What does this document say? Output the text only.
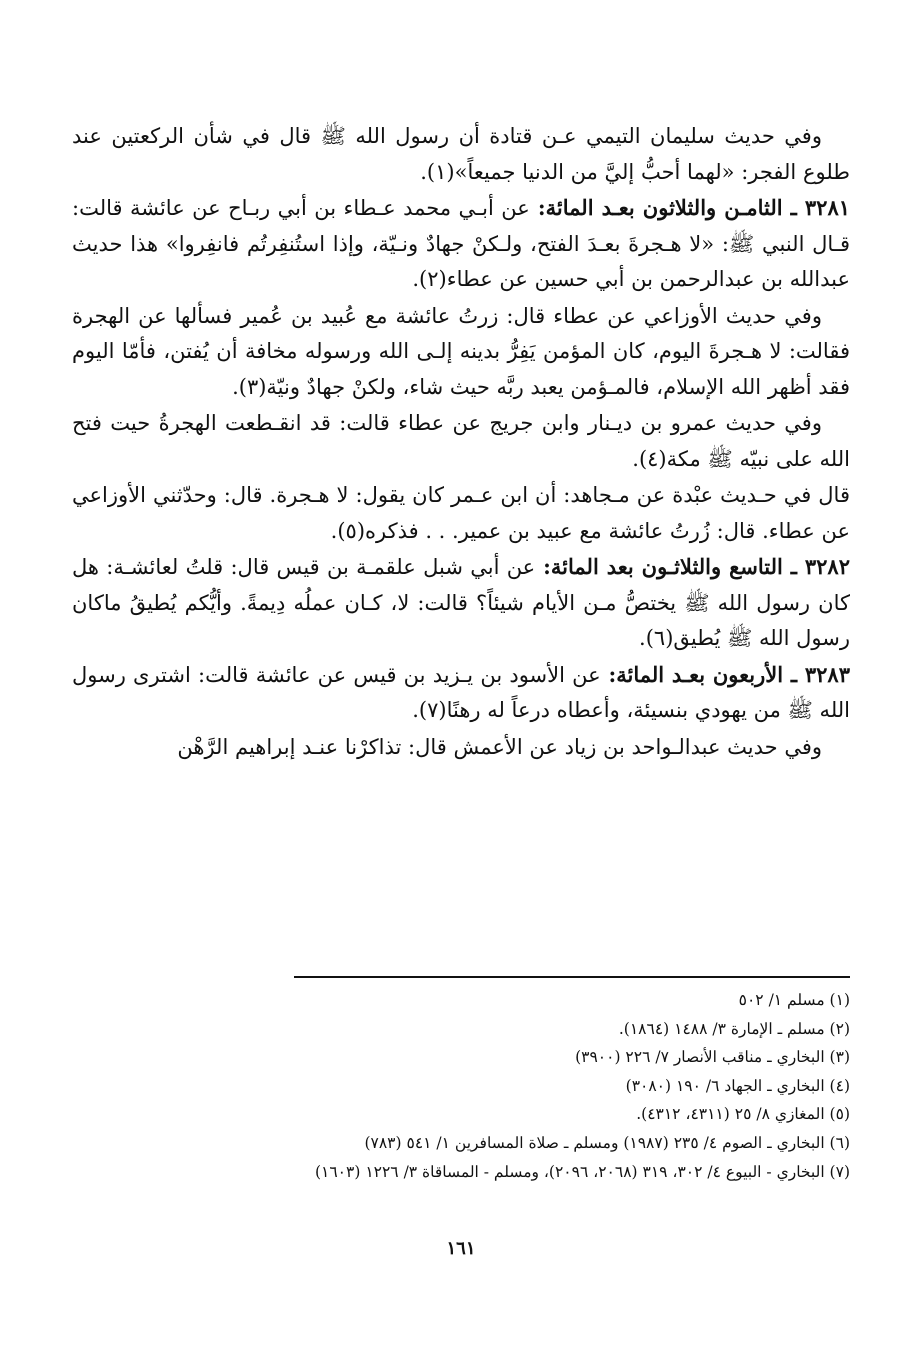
وفي حديث سليمان التيمي عـن قتادة أن رسول الله ﷺ قال في شأن الركعتين عند طلوع الفجر: «لهما أحبُّ إليَّ من الدنيا جميعاً»(١).

٣٢٨١ ـ الثامـن والثلاثون بعـد المائة: عن أبـي محمد عـطاء بن أبي ربـاح عن عائشة قالت: قـال النبي ﷺ: «لا هـجرةَ بعـدَ الفتح، ولـكنْ جهادٌ ونـيّة، وإذا استُنفِرتُم فانفِروا» هذا حديث عبدالله بن عبدالرحمن بن أبي حسين عن عطاء(٢).

وفي حديث الأوزاعي عن عطاء قال: زرتُ عائشة مع عُبيد بن عُمير فسألها عن الهجرة فقالت: لا هـجرةَ اليوم، كان المؤمن يَفِرُّ بدينه إلـى الله ورسوله مخافة أن يُفتن، فأمّا اليوم فقد أظهر الله الإسلام، فالمـؤمن يعبد ربَّه حيث شاء، ولكنْ جهادٌ ونيّة(٣).

وفي حديث عمرو بن ديـنار وابن جريج عن عطاء قالت: قد انقـطعت الهجرةُ حيت فتح الله على نبيّه ﷺ مكة(٤).

قال في حـديث عبْدة عن مـجاهد: أن ابن عـمر كان يقول: لا هـجرة. قال: وحدّثني الأوزاعي عن عطاء. قال: زُرتُ عائشة مع عبيد بن عمير. . . فذكره(٥).

٣٢٨٢ ـ التاسع والثلاثـون بعد المائة: عن أبي شبل علقمـة بن قيس قال: قلتُ لعائشـة: هل كان رسول الله ﷺ يختصُّ مـن الأيام شيئاً؟ قالت: لا، كـان عملُه دِيمةً. وأيُّكم يُطيقُ ماكان رسول الله ﷺ يُطيق(٦).

٣٢٨٣ ـ الأربعون بعـد المائة: عن الأسود بن يـزيد بن قيس عن عائشة قالت: اشترى رسول الله ﷺ من يهودي بنسيئة، وأعطاه درعاً له رهنًا(٧).

وفي حديث عبدالـواحد بن زياد عن الأعمش قال: تذاكرْنا عنـد إبراهيم الرَّهْن

(١) مسلم ١/ ٥٠٢

(٢) مسلم ـ الإمارة ٣/ ١٤٨٨ (١٨٦٤).

(٣) البخاري ـ مناقب الأنصار ٧/ ٢٢٦ (٣٩٠٠)

(٤) البخاري ـ الجهاد ٦/ ١٩٠ (٣٠٨٠)

(٥) المغازي ٨/ ٢٥ (٤٣١١، ٤٣١٢).

(٦) البخاري ـ الصوم ٤/ ٢٣٥ (١٩٨٧) ومسلم ـ صلاة المسافرين ١/ ٥٤١ (٧٨٣)

(٧) البخاري - البيوع ٤/ ٣٠٢، ٣١٩ (٢٠٦٨، ٢٠٩٦)، ومسلم - المساقاة ٣/ ١٢٢٦ (١٦٠٣)

١٦١
